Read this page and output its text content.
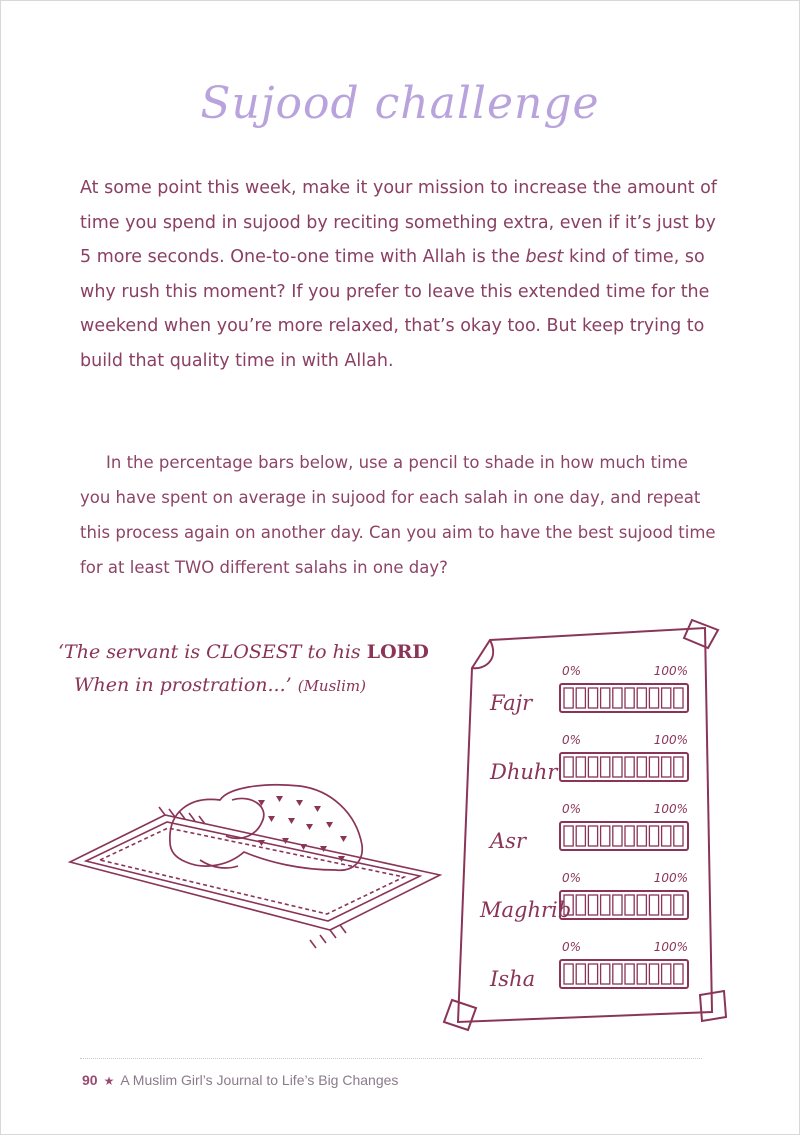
Sujood challenge

At some point this week, make it your mission to increase the amount of time you spend in sujood by reciting something extra, even if it’s just by 5 more seconds. One-to-one time with Allah is the best kind of time, so why rush this moment? If you prefer to leave this extended time for the weekend when you’re more relaxed, that’s okay too. But keep trying to build that quality time in with Allah.

In the percentage bars below, use a pencil to shade in how much time you have spent on average in sujood for each salah in one day, and repeat this process again on another day. Can you aim to have the best sujood time for at least TWO different salahs in one day?

‘The servant is CLOSEST to his LORD
When in prostration...’ (Muslim)
Fajr
0%	100%
Dhuhr
0%	100%
Asr
0%	100%
Maghrib
0%	100%
Isha
0%	100%
90 ★ A Muslim Girl’s Journal to Life’s Big Changes
